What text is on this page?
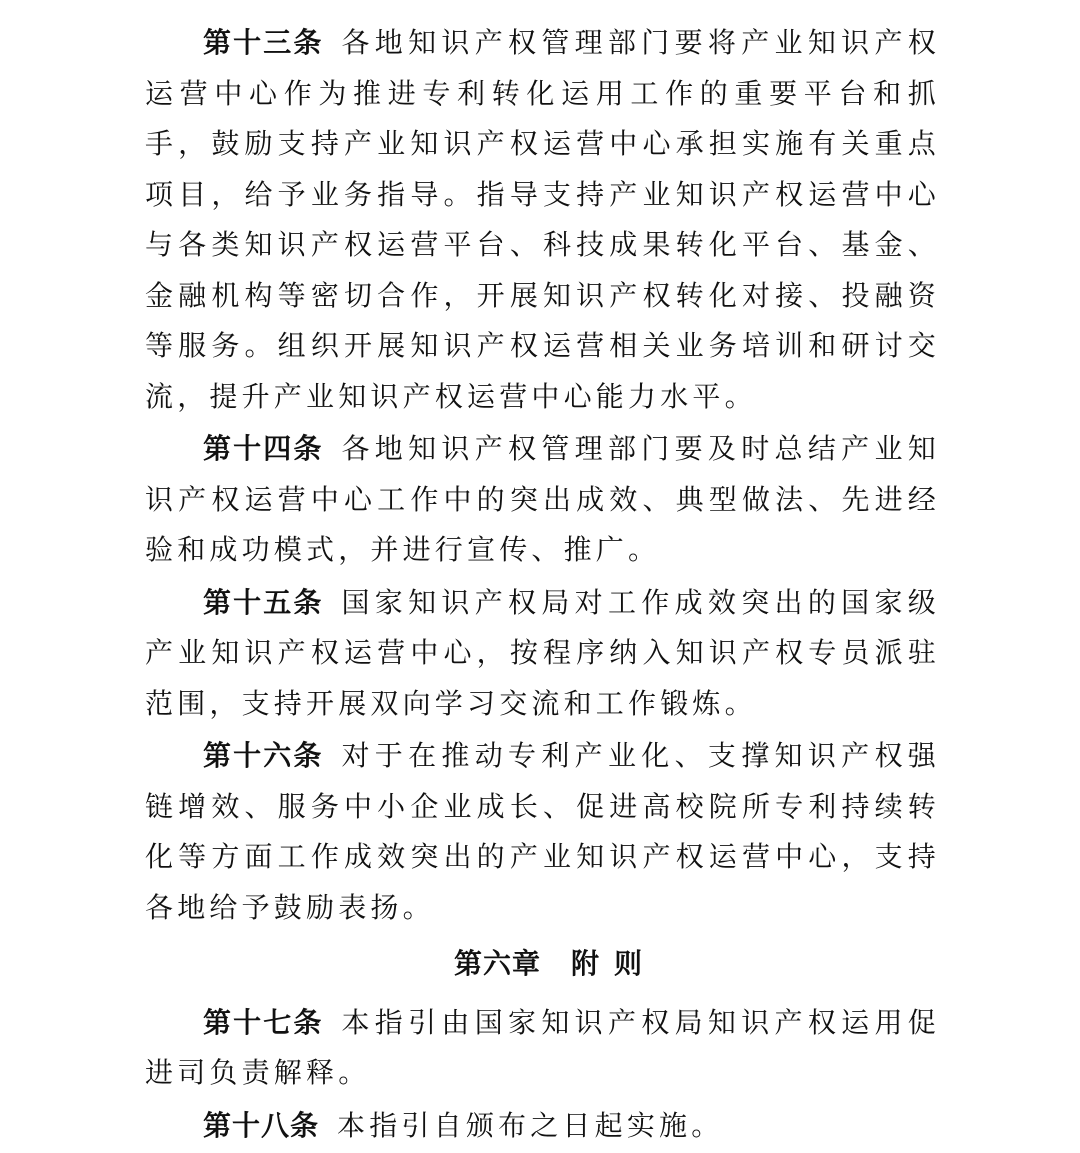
第十三条 各地知识产权管理部门要将产业知识产权运营中心作为推进专利转化运用工作的重要平台和抓手，鼓励支持产业知识产权运营中心承担实施有关重点项目，给予业务指导。指导支持产业知识产权运营中心与各类知识产权运营平台、科技成果转化平台、基金、金融机构等密切合作，开展知识产权转化对接、投融资等服务。组织开展知识产权运营相关业务培训和研讨交流，提升产业知识产权运营中心能力水平。

第十四条 各地知识产权管理部门要及时总结产业知识产权运营中心工作中的突出成效、典型做法、先进经验和成功模式，并进行宣传、推广。

第十五条 国家知识产权局对工作成效突出的国家级产业知识产权运营中心，按程序纳入知识产权专员派驻范围，支持开展双向学习交流和工作锻炼。

第十六条 对于在推动专利产业化、支撑知识产权强链增效、服务中小企业成长、促进高校院所专利持续转化等方面工作成效突出的产业知识产权运营中心，支持各地给予鼓励表扬。

第六章 附 则

第十七条 本指引由国家知识产权局知识产权运用促进司负责解释。

第十八条 本指引自颁布之日起实施。
